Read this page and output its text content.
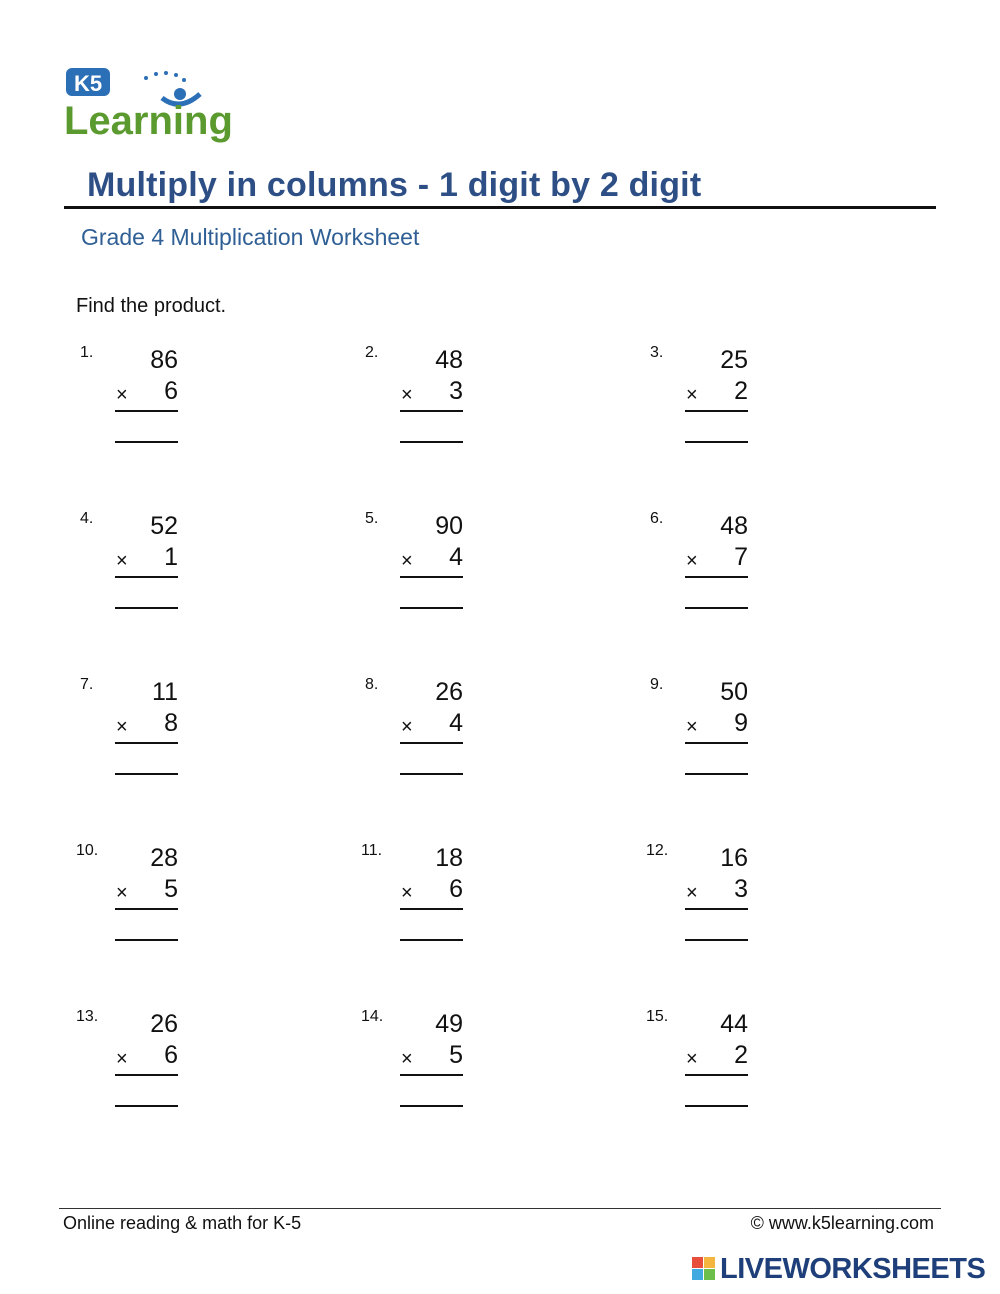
K5
Learning
Multiply in columns - 1 digit by 2 digit
Grade 4 Multiplication Worksheet
Find the product.
1. 86
× 6
2. 48
× 3
3. 25
× 2
4. 52
× 1
5. 90
× 4
6. 48
× 7
7. 11
× 8
8. 26
× 4
9. 50
× 9
10. 28
× 5
11. 18
× 6
12. 16
× 3
13. 26
× 6
14. 49
× 5
15. 44
× 2
Online reading & math for K-5	© www.k5learning.com
LIVEWORKSHEETS
